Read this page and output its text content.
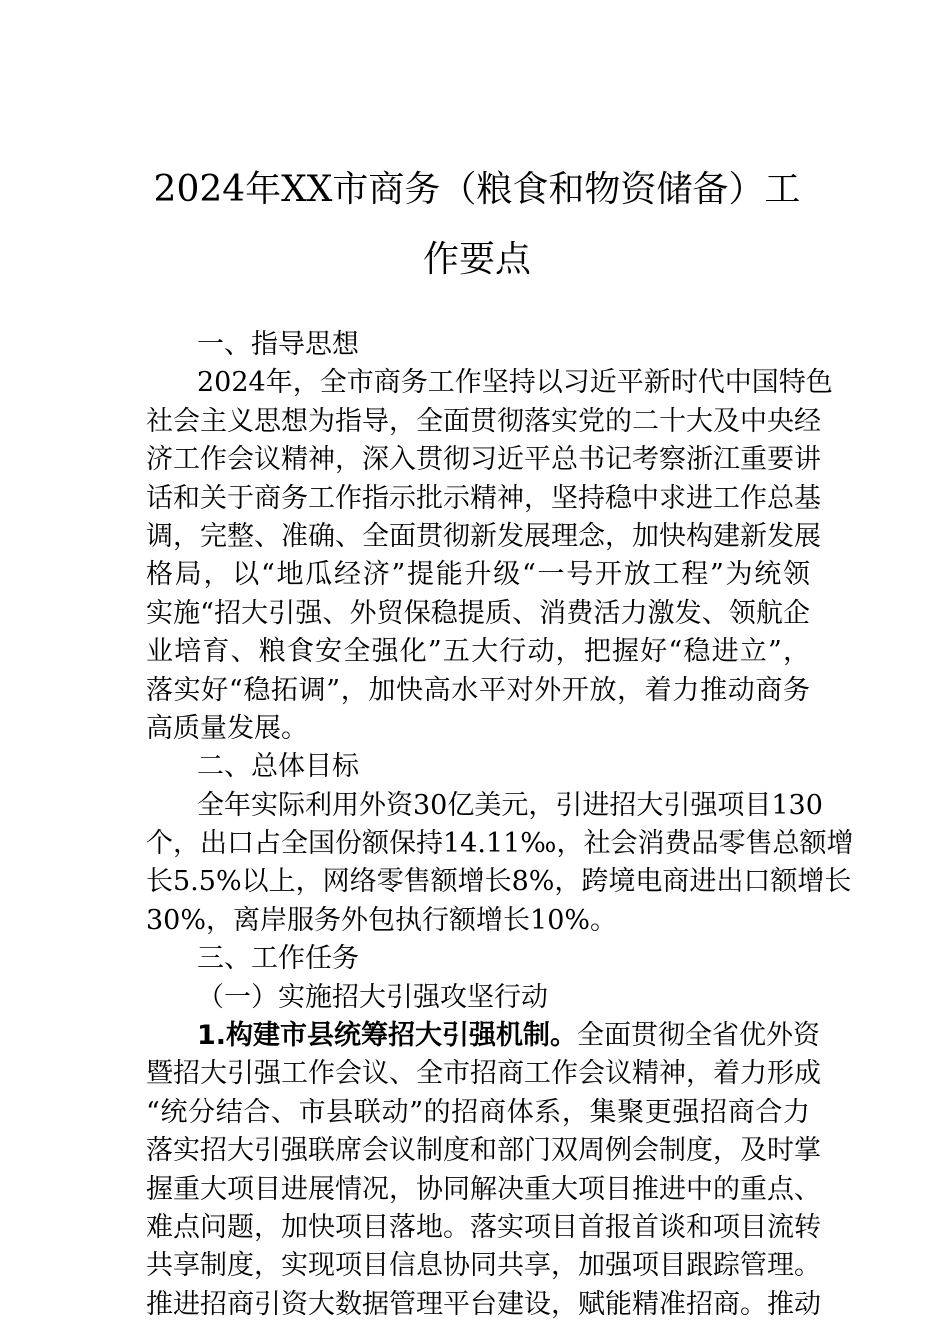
2024年XX市商务（粮食和物资储备）工
作要点
一、指导思想
2024年，全市商务工作坚持以习近平新时代中国特色
社会主义思想为指导，全面贯彻落实党的二十大及中央经
济工作会议精神，深入贯彻习近平总书记考察浙江重要讲
话和关于商务工作指示批示精神，坚持稳中求进工作总基
调，完整、准确、全面贯彻新发展理念，加快构建新发展
格局，以“地瓜经济”提能升级“一号开放工程”为统领
实施“招大引强、外贸保稳提质、消费活力激发、领航企
业培育、粮食安全强化”五大行动，把握好“稳进立”，
落实好“稳拓调”，加快高水平对外开放，着力推动商务
高质量发展。
二、总体目标
全年实际利用外资30亿美元，引进招大引强项目130
个，出口占全国份额保持14.11‰，社会消费品零售总额增
长5.5%以上，网络零售额增长8%，跨境电商进出口额增长
30%，离岸服务外包执行额增长10%。
三、工作任务
（一）实施招大引强攻坚行动
1.构建市县统筹招大引强机制。全面贯彻全省优外资
暨招大引强工作会议、全市招商工作会议精神，着力形成
“统分结合、市县联动”的招商体系，集聚更强招商合力
落实招大引强联席会议制度和部门双周例会制度，及时掌
握重大项目进展情况，协同解决重大项目推进中的重点、
难点问题，加快项目落地。落实项目首报首谈和项目流转
共享制度，实现项目信息协同共享，加强项目跟踪管理。
推进招商引资大数据管理平台建设，赋能精准招商。推动
